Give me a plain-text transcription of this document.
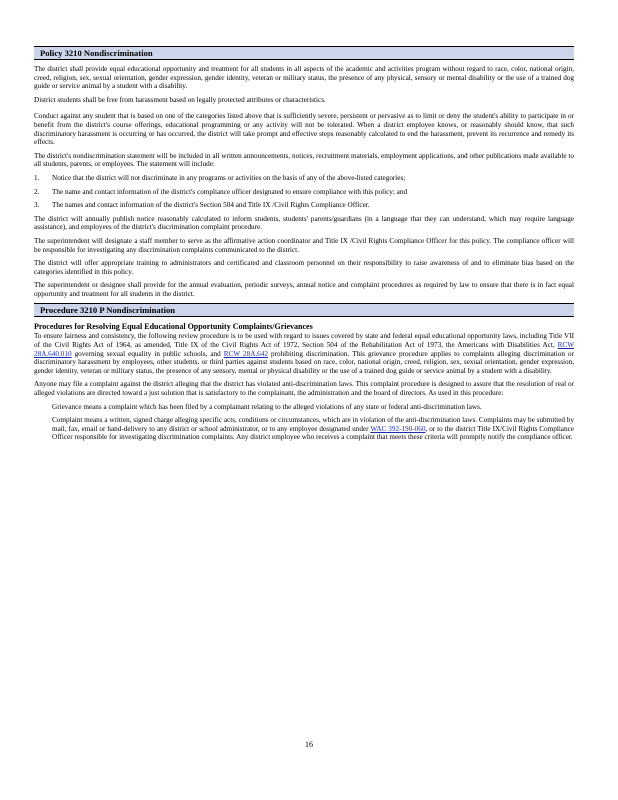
Policy 3210 Nondiscrimination

The district shall provide equal educational opportunity and treatment for all students in all aspects of the academic and activities program without regard to race, color, national origin, creed, religion, sex, sexual orientation, gender expression, gender identity, veteran or military status, the presence of any physical, sensory or mental disability or the use of a trained dog guide or service animal by a student with a disability.

District students shall be free from harassment based on legally protected attributes or characteristics.

Conduct against any student that is based on one of the categories listed above that is sufficiently severe, persistent or pervasive as to limit or deny the student's ability to participate in or benefit from the district's course offerings, educational programming or any activity will not be tolerated. When a district employee knows, or reasonably should know, that such discriminatory harassment is occurring or has occurred, the district will take prompt and effective steps reasonably calculated to end the harassment, prevent its recurrence and remedy its effects.

The district's nondiscrimination statement will be included in all written announcements, notices, recruitment materials, employment applications, and other publications made available to all students, parents, or employees. The statement will include:

1.	Notice that the district will not discriminate in any programs or activities on the basis of any of the above-listed categories;
2.	The name and contact information of the district's compliance officer designated to ensure compliance with this policy; and
3.	The names and contact information of the district's Section 504 and Title IX /Civil Rights Compliance Officer.

The district will annually publish notice reasonably calculated to inform students, students' parents/guardians (in a language that they can understand, which may require language assistance), and employees of the district's discrimination complaint procedure.

The superintendent will designate a staff member to serve as the affirmative action coordinator and Title IX /Civil Rights Compliance Officer for this policy. The compliance officer will be responsible for investigating any discrimination complaints communicated to the district.

The district will offer appropriate training to administrators and certificated and classroom personnel on their responsibility to raise awareness of and to eliminate bias based on the categories identified in this policy.

The superintendent or designee shall provide for the annual evaluation, periodic surveys, annual notice and complaint procedures as required by law to ensure that there is in fact equal opportunity and treatment for all students in the district.

Procedure 3210 P Nondiscrimination
Procedures for Resolving Equal Educational Opportunity Complaints/Grievances

To ensure fairness and consistency, the following review procedure is to be used with regard to issues covered by state and federal equal educational opportunity laws, including Title VII of the Civil Rights Act of 1964, as amended, Title IX of the Civil Rights Act of 1972, Section 504 of the Rehabilitation Act of 1973, the Americans with Disabilities Act, RCW 28A.640.010 governing sexual equality in public schools, and RCW 28A.642 prohibiting discrimination. This grievance procedure applies to complaints alleging discrimination or discriminatory harassment by employees, other students, or third parties against students based on race, color, national origin, creed, religion, sex, sexual orientation, gender expression, gender identity, veteran or military status, the presence of any sensory, mental or physical disability or the use of a trained dog guide or service animal by a student with a disability.

Anyone may file a complaint against the district alleging that the district has violated anti-discrimination laws. This complaint procedure is designed to assure that the resolution of real or alleged violations are directed toward a just solution that is satisfactory to the complainant, the administration and the board of directors. As used in this procedure:

Grievance means a complaint which has been filed by a complainant relating to the alleged violations of any state or federal anti-discrimination laws.
Complaint means a written, signed charge alleging specific acts, conditions or circumstances, which are in violation of the anti-discrimination laws. Complaints may be submitted by mail, fax, email or hand-delivery to any district or school administrator, or to any employee designated under WAC 392-190-060, or to the district Title IX/Civil Rights Compliance Officer responsible for investigating discrimination complaints. Any district employee who receives a complaint that meets these criteria will promptly notify the compliance officer.
16
